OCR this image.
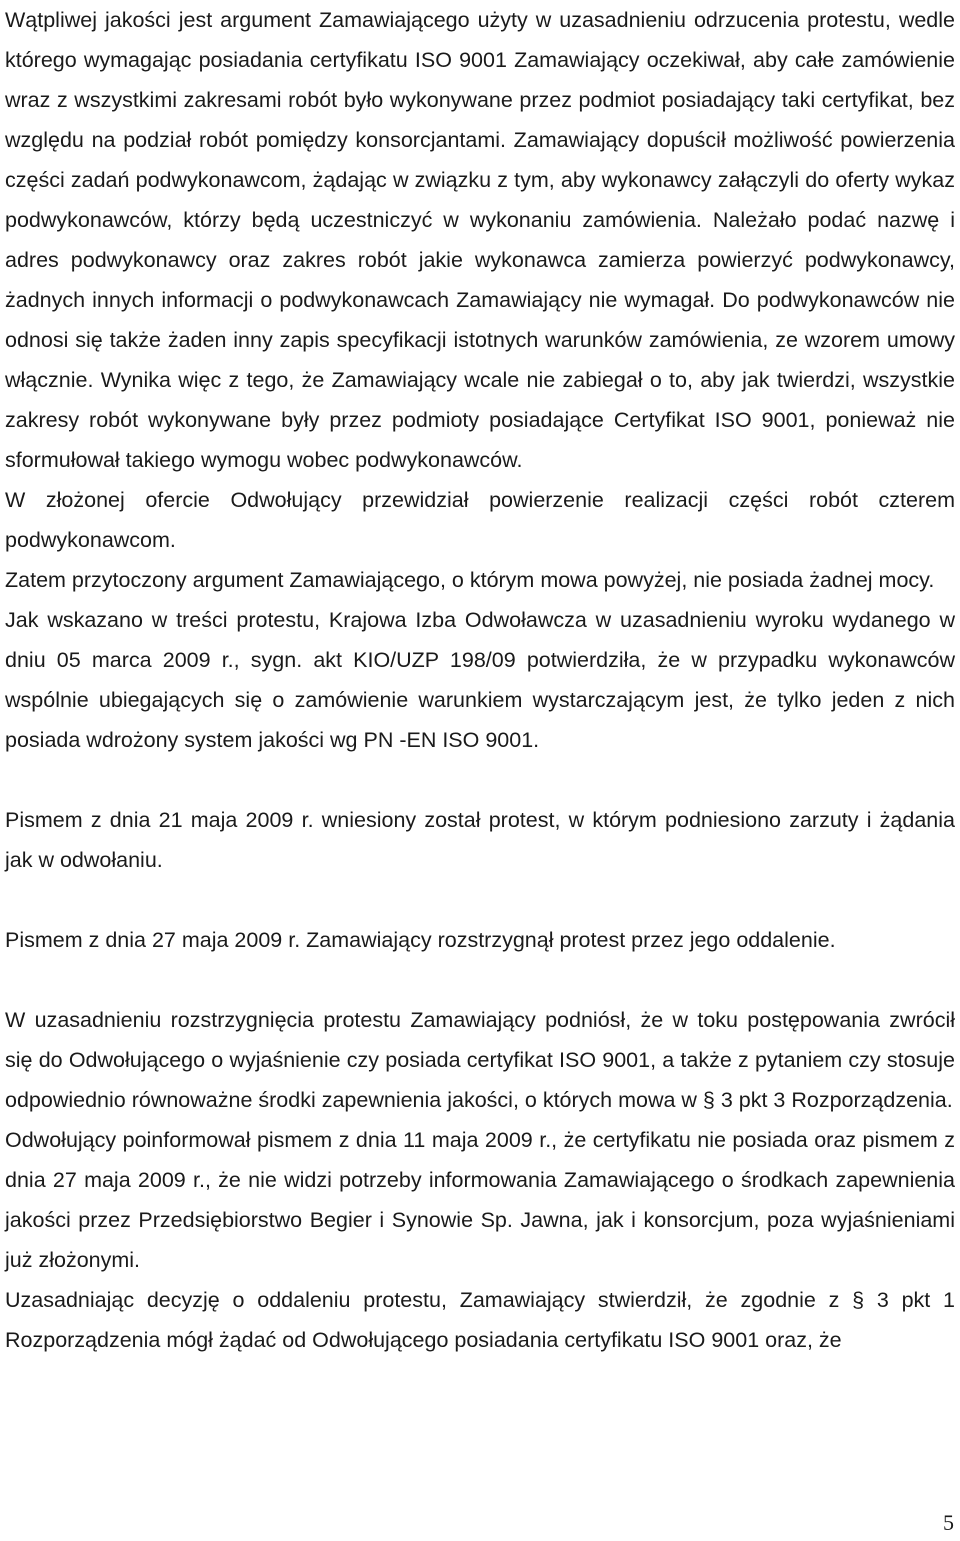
Wątpliwej jakości jest argument Zamawiającego użyty w uzasadnieniu odrzucenia protestu, wedle którego wymagając posiadania certyfikatu ISO 9001 Zamawiający oczekiwał, aby całe zamówienie wraz z wszystkimi zakresami robót było wykonywane przez podmiot posiadający taki certyfikat, bez względu na podział robót pomiędzy konsorcjantami. Zamawiający dopuścił możliwość powierzenia części zadań podwykonawcom, żądając w związku z tym, aby wykonawcy załączyli do oferty wykaz podwykonawców, którzy będą uczestniczyć w wykonaniu zamówienia. Należało podać nazwę i adres podwykonawcy oraz zakres robót jakie wykonawca zamierza powierzyć podwykonawcy, żadnych innych informacji o podwykonawcach Zamawiający nie wymagał. Do podwykonawców nie odnosi się także żaden inny zapis specyfikacji istotnych warunków zamówienia, ze wzorem umowy włącznie. Wynika więc z tego, że Zamawiający wcale nie zabiegał o to, aby jak twierdzi, wszystkie zakresy robót wykonywane były przez podmioty posiadające Certyfikat ISO 9001, ponieważ nie sformułował takiego wymogu wobec podwykonawców.

W złożonej ofercie Odwołujący przewidział powierzenie realizacji części robót czterem podwykonawcom.

Zatem przytoczony argument Zamawiającego, o którym mowa powyżej, nie posiada żadnej mocy.

Jak wskazano w treści protestu, Krajowa Izba Odwoławcza w uzasadnieniu wyroku wydanego w dniu 05 marca 2009 r., sygn. akt KIO/UZP 198/09 potwierdziła, że w przypadku wykonawców wspólnie ubiegających się o zamówienie warunkiem wystarczającym jest, że tylko jeden z nich posiada wdrożony system jakości wg PN -EN ISO 9001.

Pismem z dnia 21 maja 2009 r. wniesiony został protest, w którym podniesiono zarzuty i żądania jak w odwołaniu.

Pismem z dnia 27 maja 2009 r. Zamawiający rozstrzygnął protest przez jego oddalenie.

W uzasadnieniu rozstrzygnięcia protestu Zamawiający podniósł, że w toku postępowania zwrócił się do Odwołującego o wyjaśnienie czy posiada certyfikat ISO 9001, a także z pytaniem czy stosuje odpowiednio równoważne środki zapewnienia jakości, o których mowa w § 3 pkt 3 Rozporządzenia.

Odwołujący poinformował pismem z dnia 11 maja 2009 r., że certyfikatu nie posiada oraz pismem z dnia 27 maja 2009 r., że nie widzi potrzeby informowania Zamawiającego o środkach zapewnienia jakości przez Przedsiębiorstwo Begier i Synowie Sp. Jawna, jak i konsorcjum, poza wyjaśnieniami już złożonymi.

Uzasadniając decyzję o oddaleniu protestu, Zamawiający stwierdził, że zgodnie z § 3 pkt 1 Rozporządzenia mógł żądać od Odwołującego posiadania certyfikatu ISO 9001 oraz, że

5
